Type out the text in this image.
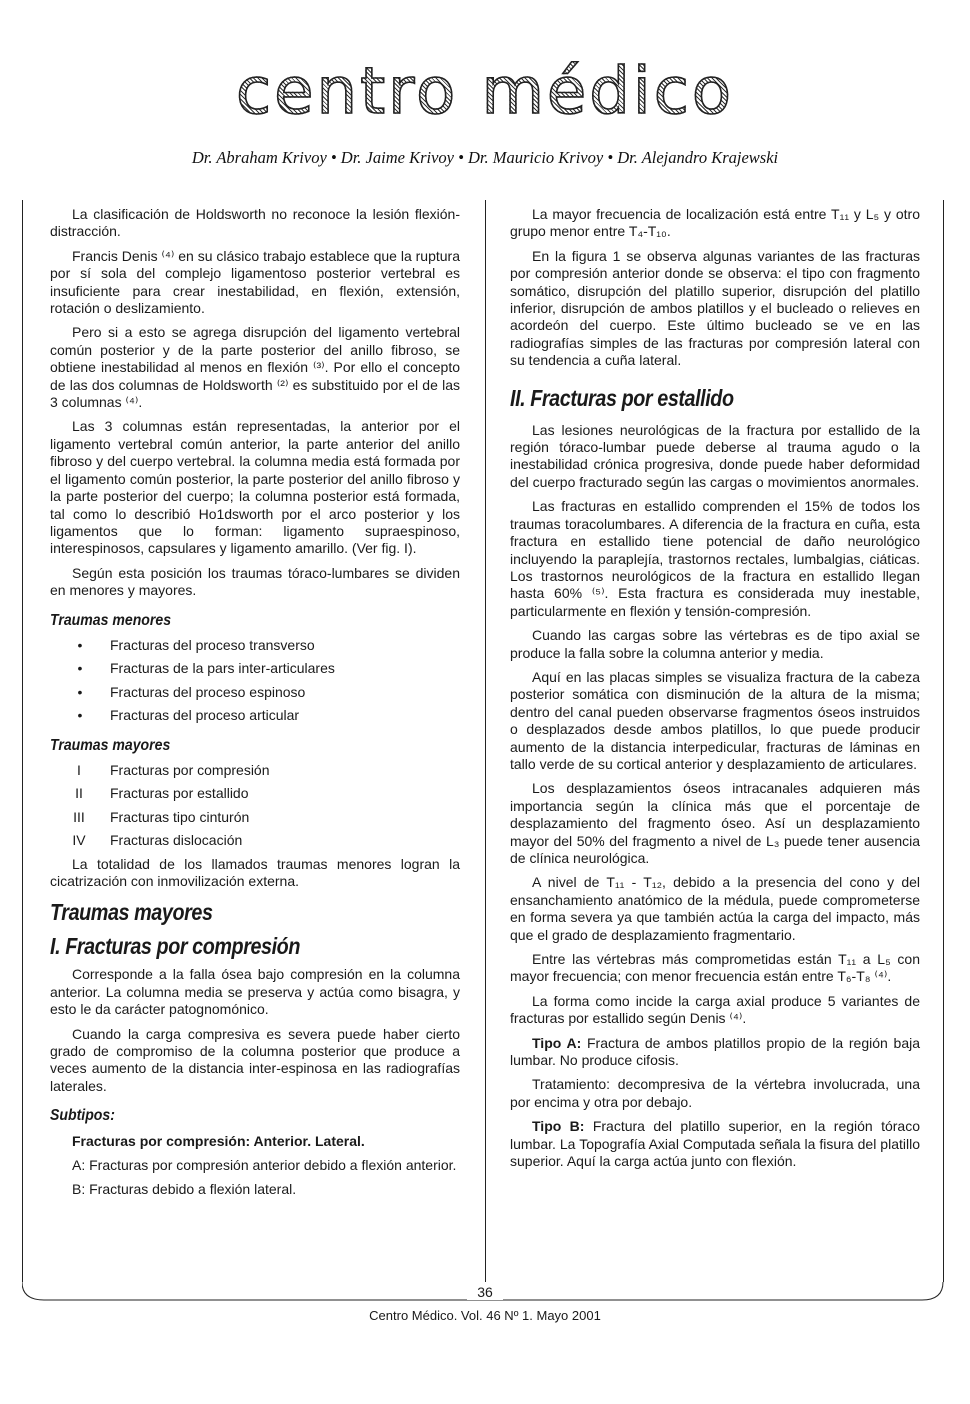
centro médico
Dr. Abraham Krivoy • Dr. Jaime Krivoy • Dr. Mauricio Krivoy • Dr. Alejandro Krajewski

La clasificación de Holdsworth no reconoce la lesión flexión-distracción.

Francis Denis ⁽⁴⁾ en su clásico trabajo establece que la ruptura por sí sola del complejo ligamentoso posterior vertebral es insuficiente para crear inestabilidad, en flexión, extensión, rotación o deslizamiento.

Pero si a esto se agrega disrupción del ligamento vertebral común posterior y de la parte posterior del anillo fibroso, se obtiene inestabilidad al menos en flexión ⁽³⁾. Por ello el concepto de las dos columnas de Holdsworth ⁽²⁾ es substituido por el de las 3 columnas ⁽⁴⁾.

Las 3 columnas están representadas, la anterior por el ligamento vertebral común anterior, la parte anterior del anillo fibroso y del cuerpo vertebral. la columna media está formada por el ligamento común posterior, la parte posterior del anillo fibroso y la parte posterior del cuerpo; la columna posterior está formada, tal como lo describió Ho1dsworth por el arco posterior y los ligamentos que lo forman: ligamento supraespinoso, interespinosos, capsulares y ligamento amarillo. (Ver fig. I).

Según esta posición los traumas tóraco-lumbares se dividen en menores y mayores.

Traumas menores
•	Fracturas del proceso transverso
•	Fracturas de la pars inter-articulares
•	Fracturas del proceso espinoso
•	Fracturas del proceso articular
Traumas mayores
I	Fracturas por compresión
II	Fracturas por estallido
III	Fracturas tipo cinturón
IV	Fracturas dislocación

La totalidad de los llamados traumas menores logran la cicatrización con inmovilización externa.

Traumas mayores
I. Fracturas por compresión

Corresponde a la falla ósea bajo compresión en la columna anterior. La columna media se preserva y actúa como bisagra, y esto le da carácter patognomónico.

Cuando la carga compresiva es severa puede haber cierto grado de compromiso de la columna posterior que produce a veces aumento de la distancia inter-espinosa en las radiografías laterales.

Subtipos:

Fracturas por compresión: Anterior. Lateral.

A: Fracturas por compresión anterior debido a flexión anterior.

B: Fracturas debido a flexión lateral.

La mayor frecuencia de localización está entre T₁₁ y L₅ y otro grupo menor entre T₄-T₁₀.

En la figura 1 se observa algunas variantes de las fracturas por compresión anterior donde se observa: el tipo con fragmento somático, disrupción del platillo superior, disrupción del platillo inferior, disrupción de ambos platillos y el bucleado o relieves en acordeón del cuerpo. Este último bucleado se ve en las radiografías simples de las fracturas por compresión lateral con su tendencia a cuña lateral.

II. Fracturas por estallido

Las lesiones neurológicas de la fractura por estallido de la región tóraco-lumbar puede deberse al trauma agudo o la inestabilidad crónica progresiva, donde puede haber deformidad del cuerpo fracturado según las cargas o movimientos anormales.

Las fracturas en estallido comprenden el 15% de todos los traumas toracolumbares. A diferencia de la fractura en cuña, esta fractura en estallido tiene potencial de daño neurológico incluyendo la paraplejía, trastornos rectales, lumbalgias, ciáticas. Los trastornos neurológicos de la fractura en estallido llegan hasta 60% ⁽⁵⁾. Esta fractura es considerada muy inestable, particularmente en flexión y tensión-compresión.

Cuando las cargas sobre las vértebras es de tipo axial se produce la falla sobre la columna anterior y media.

Aquí en las placas simples se visualiza fractura de la cabeza posterior somática con disminución de la altura de la misma; dentro del canal pueden observarse fragmentos óseos instruidos o desplazados desde ambos platillos, lo que puede producir aumento de la distancia interpedicular, fracturas de láminas en tallo verde de su cortical anterior y desplazamiento de articulares.

Los desplazamientos óseos intracanales adquieren más importancia según la clínica más que el porcentaje de desplazamiento del fragmento óseo. Así un desplazamiento mayor del 50% del fragmento a nivel de L₃ puede tener ausencia de clínica neurológica.

A nivel de T₁₁ - T₁₂, debido a la presencia del cono y del ensanchamiento anatómico de la médula, puede comprometerse en forma severa ya que también actúa la carga del impacto, más que el grado de desplazamiento fragmentario.

Entre las vértebras más comprometidas están T₁₁ a L₅ con mayor frecuencia; con menor frecuencia están entre T₆-T₈ ⁽⁴⁾.

La forma como incide la carga axial produce 5 variantes de fracturas por estallido según Denis ⁽⁴⁾.

Tipo A: Fractura de ambos platillos propio de la región baja lumbar. No produce cifosis.

Tratamiento: decompresiva de la vértebra involucrada, una por encima y otra por debajo.

Tipo B: Fractura del platillo superior, en la región tóraco lumbar. La Topografía Axial Computada señala la fisura del platillo superior. Aquí la carga actúa junto con flexión.

36
Centro Médico. Vol. 46 Nº 1. Mayo 2001
